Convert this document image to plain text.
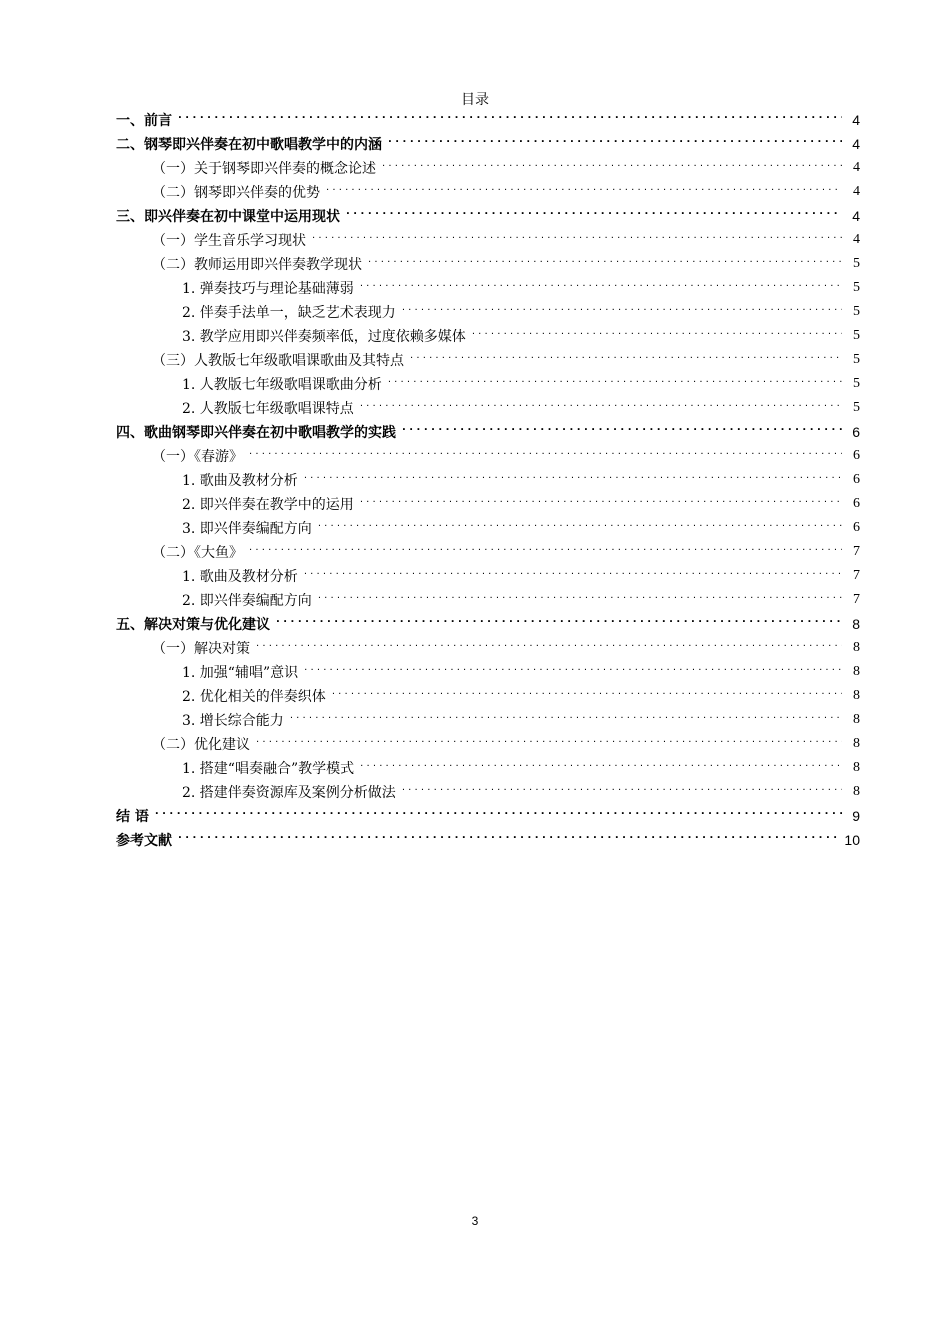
目录
一、前言 . . .	4
二、钢琴即兴伴奏在初中歌唱教学中的内涵 . . .	4
（一）关于钢琴即兴伴奏的概念论述 . . .	4
（二）钢琴即兴伴奏的优势 . . .	4
三、即兴伴奏在初中课堂中运用现状 . . .	4
（一）学生音乐学习现状 . . .	4
（二）教师运用即兴伴奏教学现状 . . .	5
1. 弹奏技巧与理论基础薄弱 . . .	5
2. 伴奏手法单一，缺乏艺术表现力 . . .	5
3. 教学应用即兴伴奏频率低，过度依赖多媒体 . . .	5
（三）人教版七年级歌唱课歌曲及其特点 . . .	5
1. 人教版七年级歌唱课歌曲分析 . . .	5
2. 人教版七年级歌唱课特点 . . .	5
四、歌曲钢琴即兴伴奏在初中歌唱教学的实践 . . .	6
（一）《春游》 . . .	6
1. 歌曲及教材分析 . . .	6
2. 即兴伴奏在教学中的运用 . . .	6
3. 即兴伴奏编配方向 . . .	6
（二）《大鱼》 . . .	7
1. 歌曲及教材分析 . . .	7
2. 即兴伴奏编配方向 . . .	7
五、解决对策与优化建议 . . .	8
（一）解决对策 . . .	8
1. 加强“辅唱”意识 . . .	8
2. 优化相关的伴奏织体 . . .	8
3. 增长综合能力 . . .	8
（二）优化建议 . . .	8
1. 搭建“唱奏融合”教学模式 . . .	8
2. 搭建伴奏资源库及案例分析做法 . . .	8
结 语 . . .	9
参考文献 . . .	10
3
